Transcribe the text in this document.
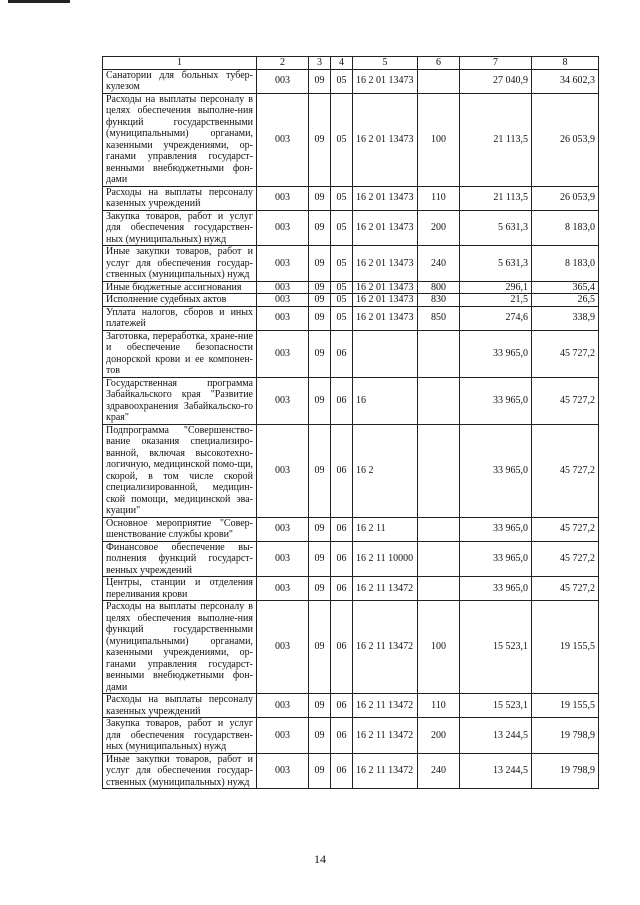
1	2	3	4	5	6	7	8
Санатории для больных тубер-кулезом	003	09	05	16 2 01 13473		27 040,9	34 602,3
Расходы на выплаты персоналу в целях обеспечения выполне-ния функций государственными (муниципальными) органами, казенными учреждениями, ор-ганами управления государст-венными внебюджетными фон-дами	003	09	05	16 2 01 13473	100	21 113,5	26 053,9
Расходы на выплаты персоналу казенных учреждений	003	09	05	16 2 01 13473	110	21 113,5	26 053,9
Закупка товаров, работ и услуг для обеспечения государствен-ных (муниципальных) нужд	003	09	05	16 2 01 13473	200	5 631,3	8 183,0
Иные закупки товаров, работ и услуг для обеспечения государ-ственных (муниципальных) нужд	003	09	05	16 2 01 13473	240	5 631,3	8 183,0
Иные бюджетные ассигнования	003	09	05	16 2 01 13473	800	296,1	365,4
Исполнение судебных актов	003	09	05	16 2 01 13473	830	21,5	26,5
Уплата налогов, сборов и иных платежей	003	09	05	16 2 01 13473	850	274,6	338,9
Заготовка, переработка, хране-ние и обеспечение безопасности донорской крови и ее компонен-тов	003	09	06			33 965,0	45 727,2
Государственная программа Забайкальского края "Развитие здравоохранения Забайкальско-го края"	003	09	06	16		33 965,0	45 727,2
Подпрограмма "Совершенство-вание оказания специализиро-ванной, включая высокотехно-логичную, медицинской помо-щи, скорой, в том числе скорой специализированной, медицин-ской помощи, медицинской эва-куации"	003	09	06	16 2		33 965,0	45 727,2
Основное мероприятие "Совер-шенствование службы крови"	003	09	06	16 2 11		33 965,0	45 727,2
Финансовое обеспечение вы-полнения функций государст-венных учреждений	003	09	06	16 2 11 10000		33 965,0	45 727,2
Центры, станции и отделения переливания крови	003	09	06	16 2 11 13472		33 965,0	45 727,2
Расходы на выплаты персоналу в целях обеспечения выполне-ния функций государственными (муниципальными) органами, казенными учреждениями, ор-ганами управления государст-венными внебюджетными фон-дами	003	09	06	16 2 11 13472	100	15 523,1	19 155,5
Расходы на выплаты персоналу казенных учреждений	003	09	06	16 2 11 13472	110	15 523,1	19 155,5
Закупка товаров, работ и услуг для обеспечения государствен-ных (муниципальных) нужд	003	09	06	16 2 11 13472	200	13 244,5	19 798,9
Иные закупки товаров, работ и услуг для обеспечения государ-ственных (муниципальных) нужд	003	09	06	16 2 11 13472	240	13 244,5	19 798,9
14
